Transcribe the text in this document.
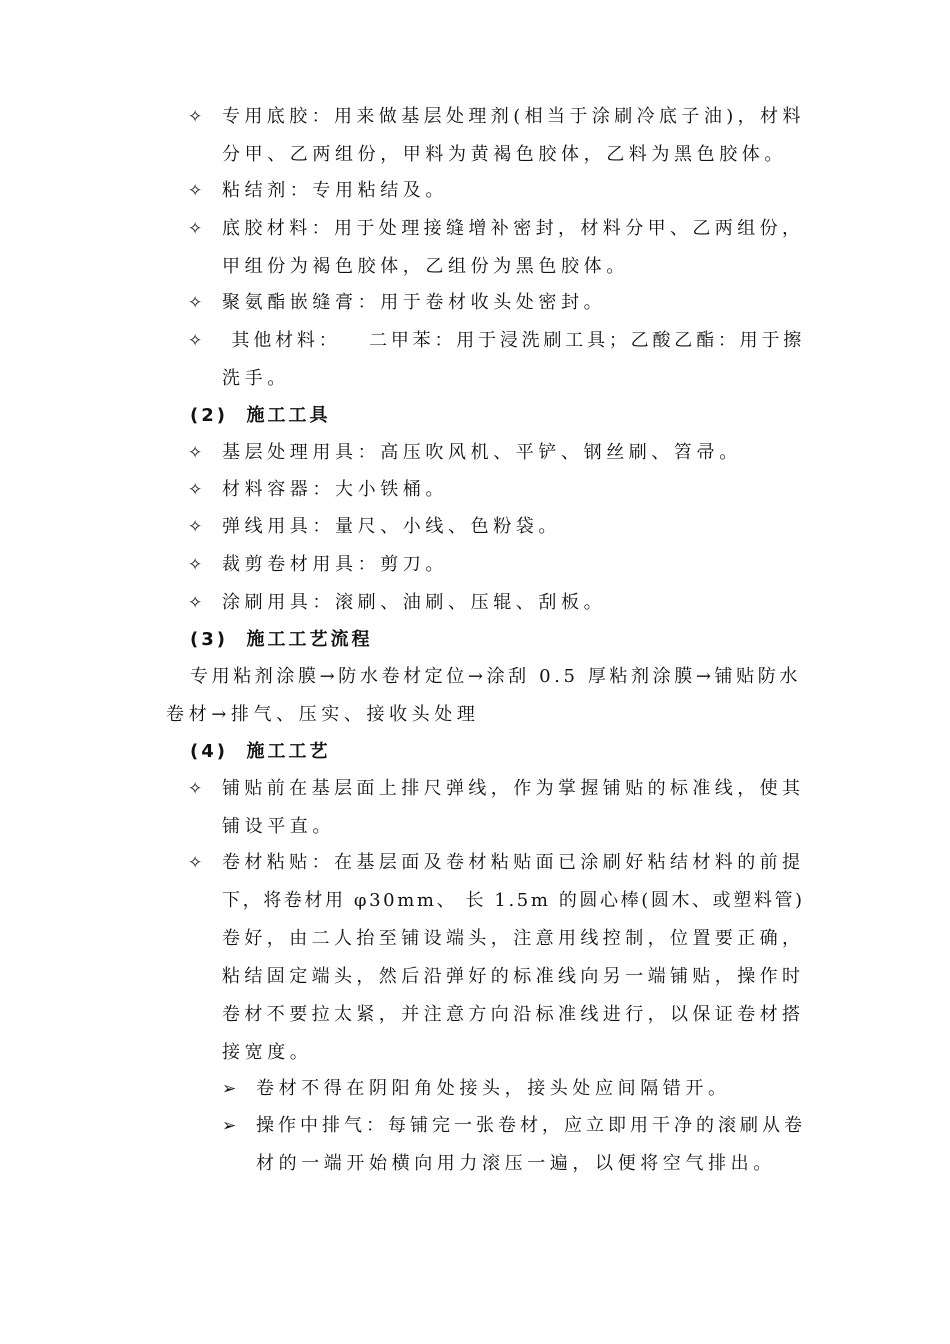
✧ 专用底胶：用来做基层处理剂(相当于涂刷冷底子油)，材料
分甲、乙两组份，甲料为黄褐色胶体，乙料为黑色胶体。
✧ 粘结剂：专用粘结及。
✧ 底胶材料：用于处理接缝增补密封，材料分甲、乙两组份，
甲组份为褐色胶体，乙组份为黑色胶体。
✧ 聚氨酯嵌缝膏：用于卷材收头处密封。
✧ 其他材料：   二甲苯：用于浸洗刷工具；乙酸乙酯：用于擦
洗手。
(2)  施工工具
✧ 基层处理用具：高压吹风机、平铲、钢丝刷、笤帚。
✧ 材料容器：大小铁桶。
✧ 弹线用具：量尺、小线、色粉袋。
✧ 裁剪卷材用具：剪刀。
✧ 涂刷用具：滚刷、油刷、压辊、刮板。
(3)  施工工艺流程
专用粘剂涂膜→防水卷材定位→涂刮 0.5 厚粘剂涂膜→铺贴防水
卷材→排气、压实、接收头处理
(4)  施工工艺
✧ 铺贴前在基层面上排尺弹线，作为掌握铺贴的标准线，使其
铺设平直。
✧ 卷材粘贴：在基层面及卷材粘贴面已涂刷好粘结材料的前提
下，将卷材用 φ30mm、 长 1.5m 的圆心棒(圆木、或塑料管)
卷好，由二人抬至铺设端头，注意用线控制，位置要正确，
粘结固定端头，然后沿弹好的标准线向另一端铺贴，操作时
卷材不要拉太紧，并注意方向沿标准线进行，以保证卷材搭
接宽度。
➢ 卷材不得在阴阳角处接头，接头处应间隔错开。
➢ 操作中排气：每铺完一张卷材，应立即用干净的滚刷从卷
材的一端开始横向用力滚压一遍，以便将空气排出。
